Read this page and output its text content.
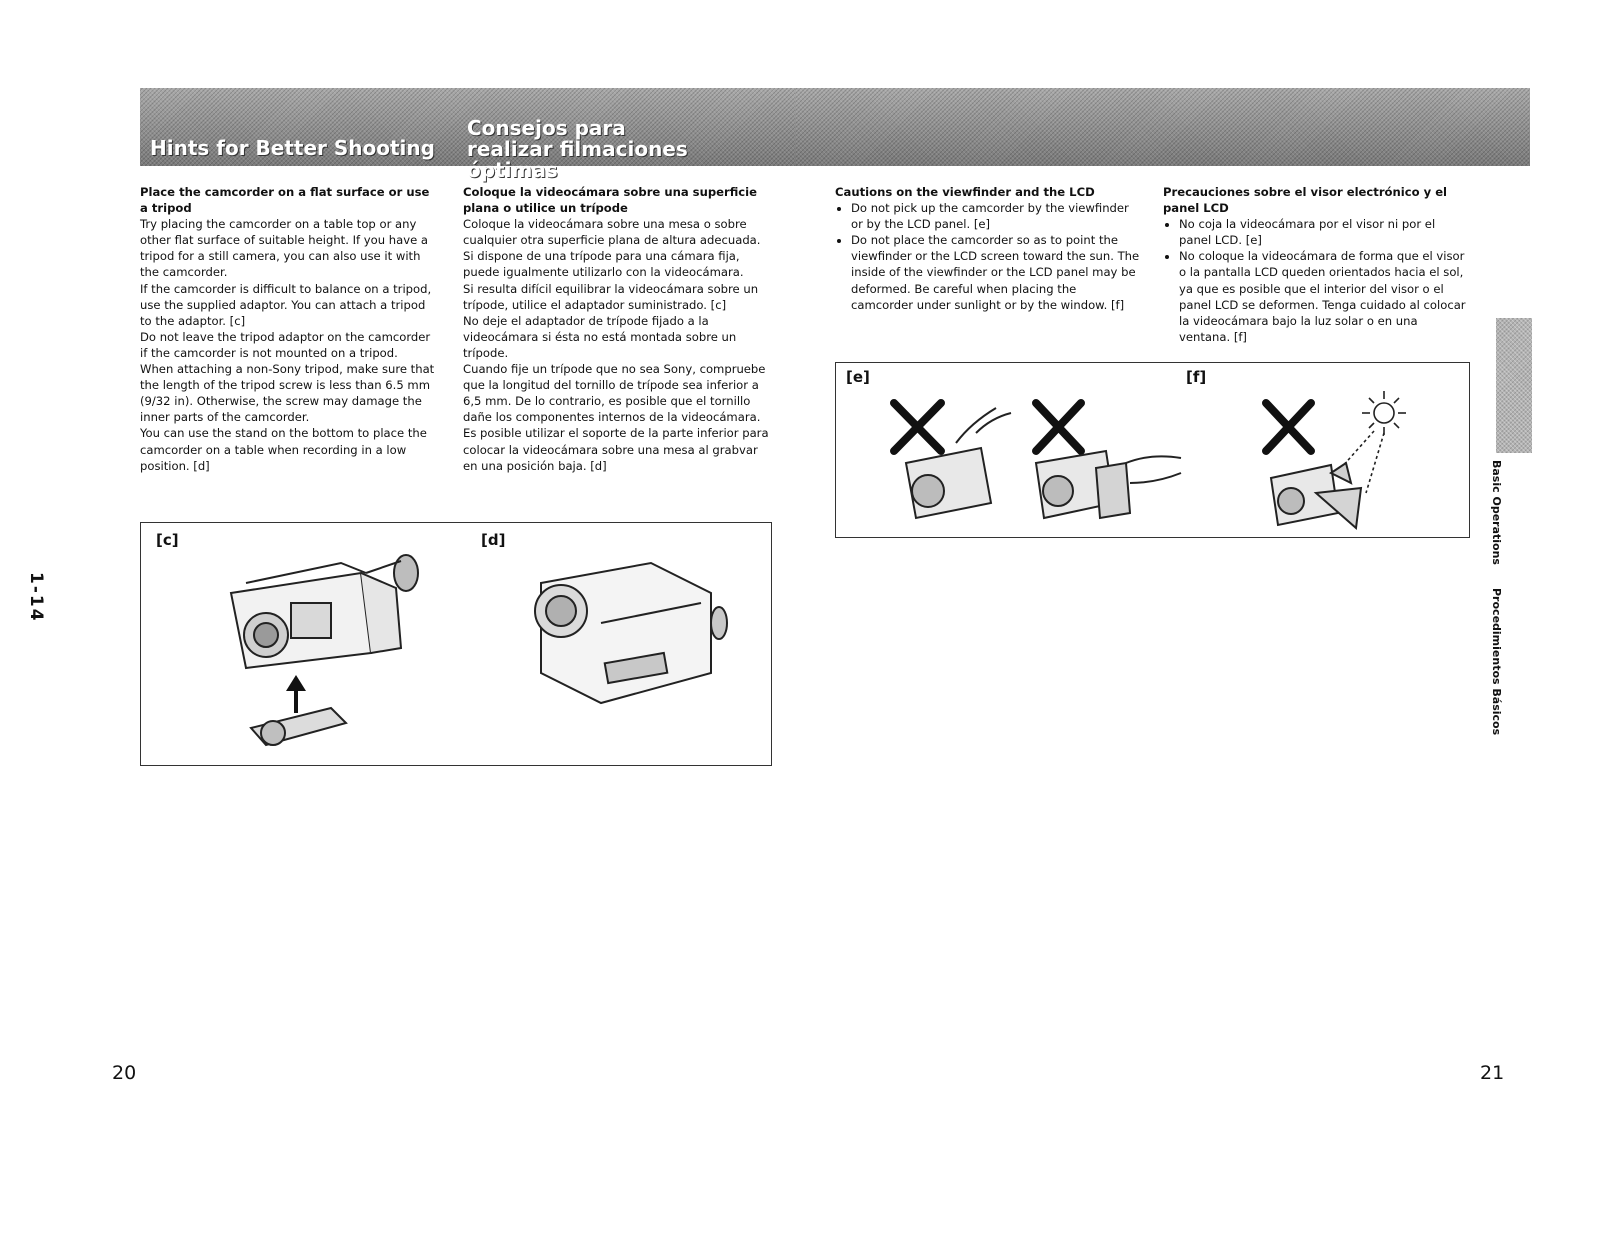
Hints for Better Shooting
Consejos para realizar filmaciones óptimas

Place the camcorder on a flat surface or use a tripod

Try placing the camcorder on a table top or any other flat surface of suitable height. If you have a tripod for a still camera, you can also use it with the camcorder.

If the camcorder is difficult to balance on a tripod, use the supplied adaptor. You can attach a tripod to the adaptor. [c]

Do not leave the tripod adaptor on the camcorder if the camcorder is not mounted on a tripod.

When attaching a non-Sony tripod, make sure that the length of the tripod screw is less than 6.5 mm (9/32 in). Otherwise, the screw may damage the inner parts of the camcorder.

You can use the stand on the bottom to place the camcorder on a table when recording in a low position. [d]

Coloque la videocámara sobre una superficie plana o utilice un trípode

Coloque la videocámara sobre una mesa o sobre cualquier otra superficie plana de altura adecuada.

Si dispone de una trípode para una cámara fija, puede igualmente utilizarlo con la videocámara.

Si resulta difícil equilibrar la videocámara sobre un trípode, utilice el adaptador suministrado. [c]

No deje el adaptador de trípode fijado a la videocámara si ésta no está montada sobre un trípode.

Cuando fije un trípode que no sea Sony, compruebe que la longitud del tornillo de trípode sea inferior a 6,5 mm. De lo contrario, es posible que el tornillo dañe los componentes internos de la videocámara.

Es posible utilizar el soporte de la parte inferior para colocar la videocámara sobre una mesa al grabvar en una posición baja. [d]

Cautions on the viewfinder and the LCD

• Do not pick up the camcorder by the viewfinder or by the LCD panel. [e]
• Do not place the camcorder so as to point the viewfinder or the LCD screen toward the sun. The inside of the viewfinder or the LCD panel may be deformed. Be careful when placing the camcorder under sunlight or by the window. [f]

Precauciones sobre el visor electrónico y el panel LCD

• No coja la videocámara por el visor ni por el panel LCD. [e]
• No coloque la videocámara de forma que el visor o la pantalla LCD queden orientados hacia el sol, ya que es posible que el interior del visor o el panel LCD se deformen. Tenga cuidado al colocar la videocámara bajo la luz solar o en una ventana. [f]
[c]	[d]
[e]	[f]
Basic Operations
Procedimientos Básicos
1-14
20	21
